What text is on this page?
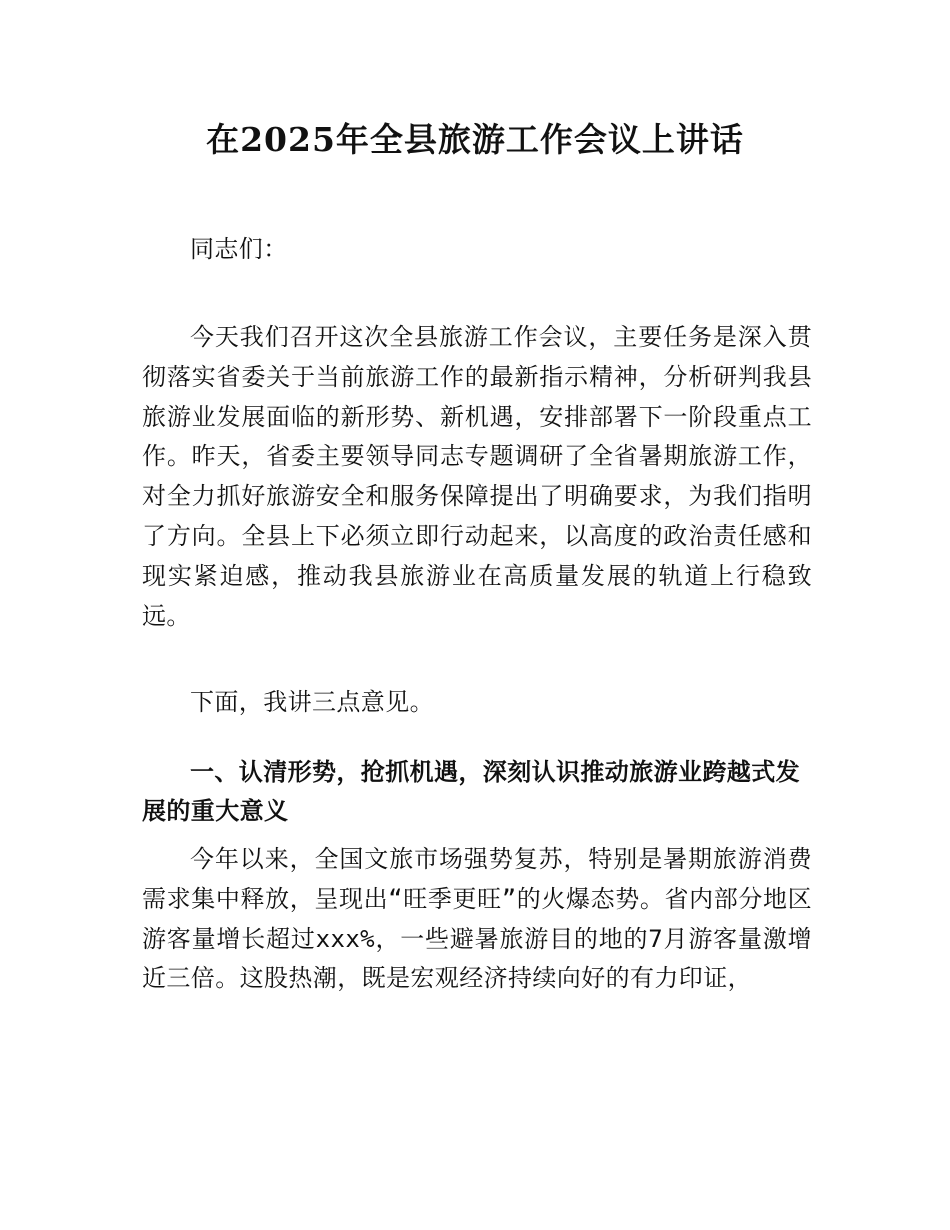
在2025年全县旅游工作会议上讲话

同志们：

今天我们召开这次全县旅游工作会议，主要任务是深入贯彻落实省委关于当前旅游工作的最新指示精神，分析研判我县旅游业发展面临的新形势、新机遇，安排部署下一阶段重点工作。昨天，省委主要领导同志专题调研了全省暑期旅游工作，对全力抓好旅游安全和服务保障提出了明确要求，为我们指明了方向。全县上下必须立即行动起来，以高度的政治责任感和现实紧迫感，推动我县旅游业在高质量发展的轨道上行稳致远。

下面，我讲三点意见。

一、认清形势，抢抓机遇，深刻认识推动旅游业跨越式发展的重大意义

今年以来，全国文旅市场强势复苏，特别是暑期旅游消费需求集中释放，呈现出“旺季更旺”的火爆态势。省内部分地区游客量增长超过xxx%，一些避暑旅游目的地的7月游客量激增近三倍。这股热潮，既是宏观经济持续向好的有力印证，
